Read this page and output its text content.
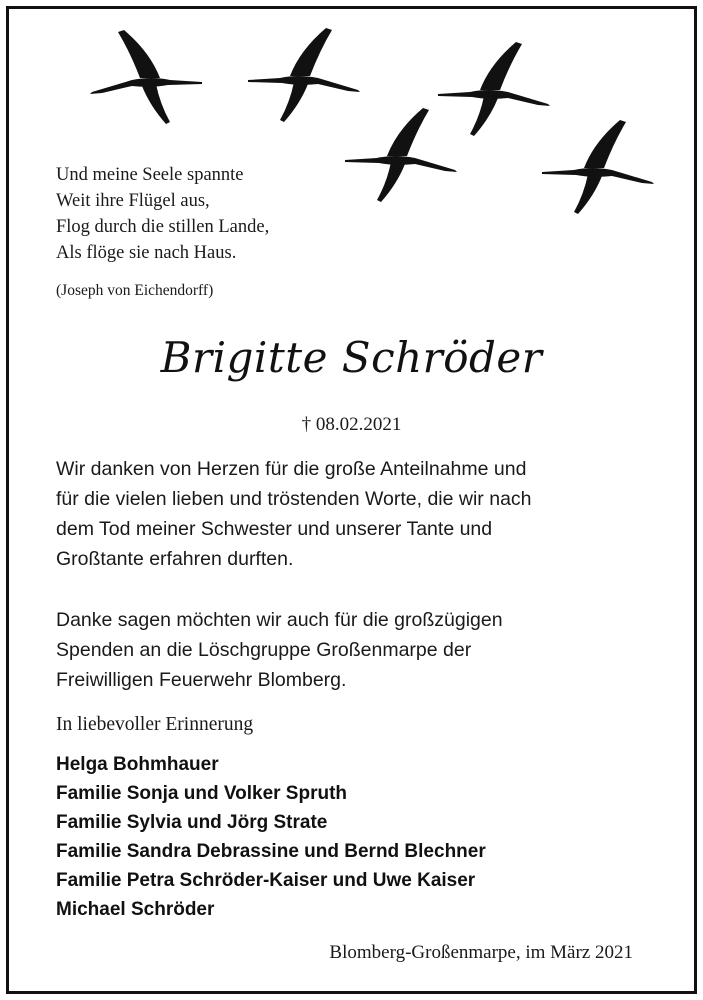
Und meine Seele spannte
Weit ihre Flügel aus,
Flog durch die stillen Lande,
Als flöge sie nach Haus.
(Joseph von Eichendorff)
Brigitte Schröder
† 08.02.2021
Wir danken von Herzen für die große Anteilnahme und
für die vielen lieben und tröstenden Worte, die wir nach
dem Tod meiner Schwester und unserer Tante und
Großtante erfahren durften.
Danke sagen möchten wir auch für die großzügigen
Spenden an die Löschgruppe Großenmarpe der
Freiwilligen Feuerwehr Blomberg.
In liebevoller Erinnerung
Helga Bohmhauer
Familie Sonja und Volker Spruth
Familie Sylvia und Jörg Strate
Familie Sandra Debrassine und Bernd Blechner
Familie Petra Schröder-Kaiser und Uwe Kaiser
Michael Schröder
Blomberg-Großenmarpe, im März 2021
